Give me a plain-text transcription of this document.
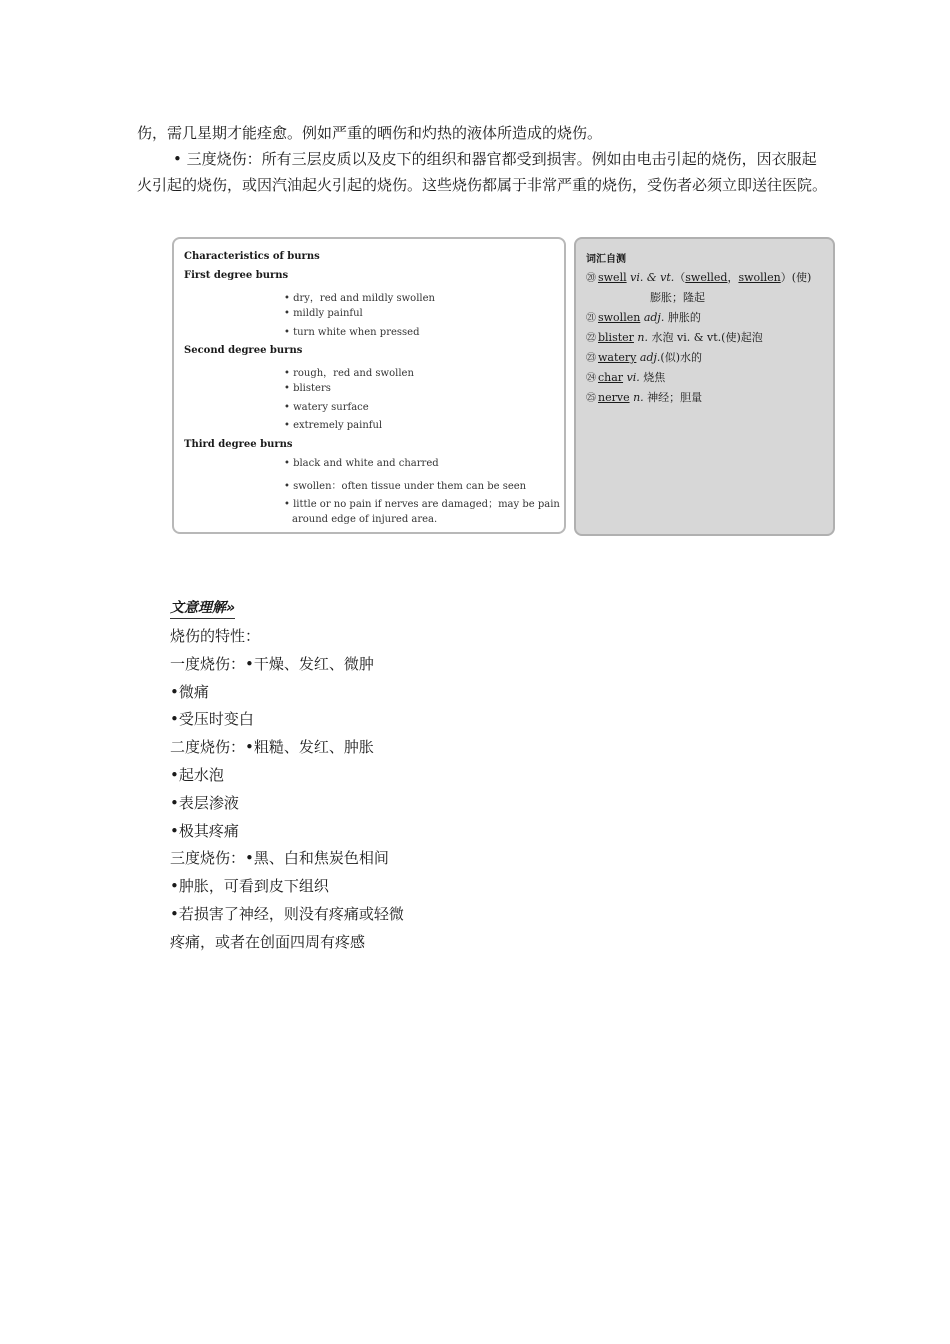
伤，需几星期才能痊愈。例如严重的晒伤和灼热的液体所造成的烧伤。

• 三度烧伤：所有三层皮质以及皮下的组织和器官都受到损害。例如由电击引起的烧伤，因衣服起火引起的烧伤，或因汽油起火引起的烧伤。这些烧伤都属于非常严重的烧伤，受伤者必须立即送往医院。

Characteristics of burns
First degree burns
• dry，red and mildly swollen
• mildly painful
• turn white when pressed
Second degree burns
• rough，red and swollen
• blisters
• watery surface
• extremely painful
Third degree burns
• black and white and charred
• swollen：often tissue under them can be seen
• little or no pain if nerves are damaged；may be pain
around edge of injured area.
词汇自测
⑳ swell vi. & vt.（swelled，swollen）(使)
膨胀；隆起
㉑ swollen adj. 肿胀的
㉒ blister n. 水泡 vi. & vt.(使)起泡
㉓ watery adj.(似)水的
㉔ char vi. 烧焦
㉕ nerve n. 神经；胆量
文意理解»

烧伤的特性：

一度烧伤：•干燥、发红、微肿

•微痛

•受压时变白

二度烧伤：•粗糙、发红、肿胀

•起水泡

•表层渗液

•极其疼痛

三度烧伤：•黑、白和焦炭色相间

•肿胀，可看到皮下组织

•若损害了神经，则没有疼痛或轻微

疼痛，或者在创面四周有疼感
